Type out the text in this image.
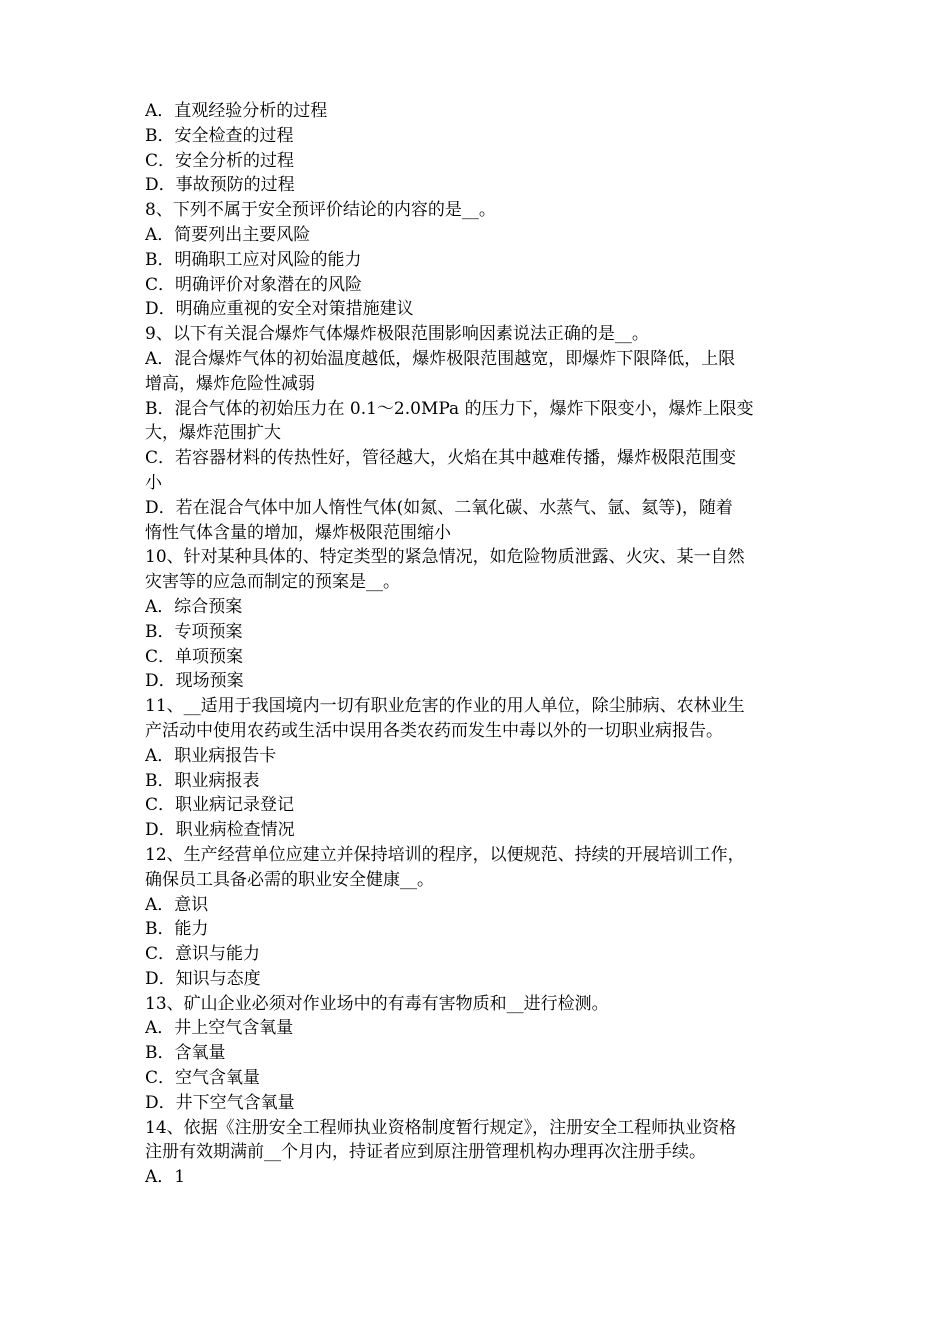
A．直观经验分析的过程

B．安全检查的过程

C．安全分析的过程

D．事故预防的过程

8、下列不属于安全预评价结论的内容的是__。

A．简要列出主要风险

B．明确职工应对风险的能力

C．明确评价对象潜在的风险

D．明确应重视的安全对策措施建议

9、以下有关混合爆炸气体爆炸极限范围影响因素说法正确的是__。

A．混合爆炸气体的初始温度越低，爆炸极限范围越宽，即爆炸下限降低，上限

增高，爆炸危险性减弱

B．混合气体的初始压力在 0.1～2.0MPa 的压力下，爆炸下限变小，爆炸上限变

大，爆炸范围扩大

C．若容器材料的传热性好，管径越大，火焰在其中越难传播，爆炸极限范围变

小

D．若在混合气体中加人惰性气体(如氮、二氧化碳、水蒸气、氩、氦等)，随着

惰性气体含量的增加，爆炸极限范围缩小

10、针对某种具体的、特定类型的紧急情况，如危险物质泄露、火灾、某一自然

灾害等的应急而制定的预案是__。

A．综合预案

B．专项预案

C．单项预案

D．现场预案

11、__适用于我国境内一切有职业危害的作业的用人单位，除尘肺病、农林业生

产活动中使用农药或生活中误用各类农药而发生中毒以外的一切职业病报告。

A．职业病报告卡

B．职业病报表

C．职业病记录登记

D．职业病检查情况

12、生产经营单位应建立并保持培训的程序，以便规范、持续的开展培训工作，

确保员工具备必需的职业安全健康__。

A．意识

B．能力

C．意识与能力

D．知识与态度

13、矿山企业必须对作业场中的有毒有害物质和__进行检测。

A．井上空气含氧量

B．含氧量

C．空气含氧量

D．井下空气含氧量

14、依据《注册安全工程师执业资格制度暂行规定》，注册安全工程师执业资格

注册有效期满前__个月内，持证者应到原注册管理机构办理再次注册手续。

A．1
